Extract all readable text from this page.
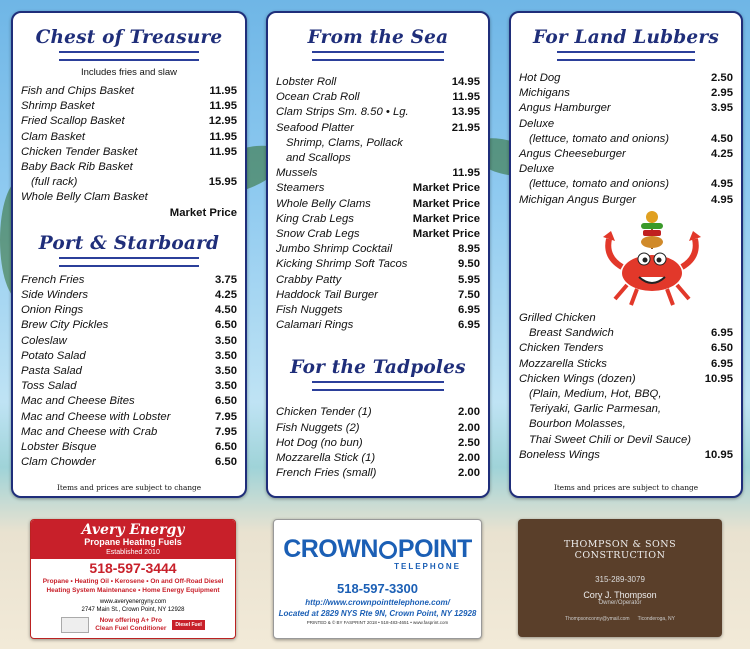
Chest of Treasure
Includes fries and slaw
Fish and Chips Basket	11.95
Shrimp Basket	11.95
Fried Scallop Basket	12.95
Clam Basket	11.95
Chicken Tender Basket	11.95
Baby Back Rib Basket
(full rack)	15.95
Whole Belly Clam Basket
Market Price
Port & Starboard
French Fries	3.75
Side Winders	4.25
Onion Rings	4.50
Brew City Pickles	6.50
Coleslaw	3.50
Potato Salad	3.50
Pasta Salad	3.50
Toss Salad	3.50
Mac and Cheese Bites	6.50
Mac and Cheese with Lobster	7.95
Mac and Cheese with Crab	7.95
Lobster Bisque	6.50
Clam Chowder	6.50
Items and prices are subject to change
From the Sea
Lobster Roll	14.95
Ocean Crab Roll	11.95
Clam Strips Sm. 8.50 • Lg.	13.95
Seafood Platter	21.95
Shrimp, Clams, Pollack
and Scallops
Mussels	11.95
Steamers	Market Price
Whole Belly Clams	Market Price
King Crab Legs	Market Price
Snow Crab Legs	Market Price
Jumbo Shrimp Cocktail	8.95
Kicking Shrimp Soft Tacos	9.50
Crabby Patty	5.95
Haddock Tail Burger	7.50
Fish Nuggets	6.95
Calamari Rings	6.95
For the Tadpoles
Chicken Tender (1)	2.00
Fish Nuggets (2)	2.00
Hot Dog (no bun)	2.50
Mozzarella Stick (1)	2.00
French Fries (small)	2.00
For Land Lubbers
Hot Dog	2.50
Michigans	2.95
Angus Hamburger	3.95
Deluxe
(lettuce, tomato and onions)	4.50
Angus Cheeseburger	4.25
Deluxe
(lettuce, tomato and onions)	4.95
Michigan Angus Burger	4.95
Grilled Chicken
Breast Sandwich	6.95
Chicken Tenders	6.50
Mozzarella Sticks	6.95
Chicken Wings (dozen)	10.95
(Plain, Medium, Hot, BBQ,
Teriyaki, Garlic Parmesan,
Bourbon Molasses,
Thai Sweet Chili or Devil Sauce)
Boneless Wings	10.95
Items and prices are subject to change
Avery Energy
Propane Heating Fuels
Established 2010
518-597-3444
Propane • Heating Oil • Kerosene • On and Off-Road Diesel
Heating System Maintenance • Home Energy Equipment
www.averyenergyny.com
2747 Main St., Crown Point, NY 12928
Now offering A+ Pro
Clean Fuel Conditioner	Diesel Fuel
CROWN POINT
TELEPHONE
518-597-3300
http://www.crownpointtelephone.com/
Located at 2829 NYS Rte 9N, Crown Point, NY 12928
PRINTED & © BY FASPRINT 2018 • 518-483-4651 • www.fasprint.com
THOMPSON & SONS CONSTRUCTION
315-289-3079
Cory J. Thompson
Owner/Operator
Thompsonconny@ymail.com Ticonderoga, NY
